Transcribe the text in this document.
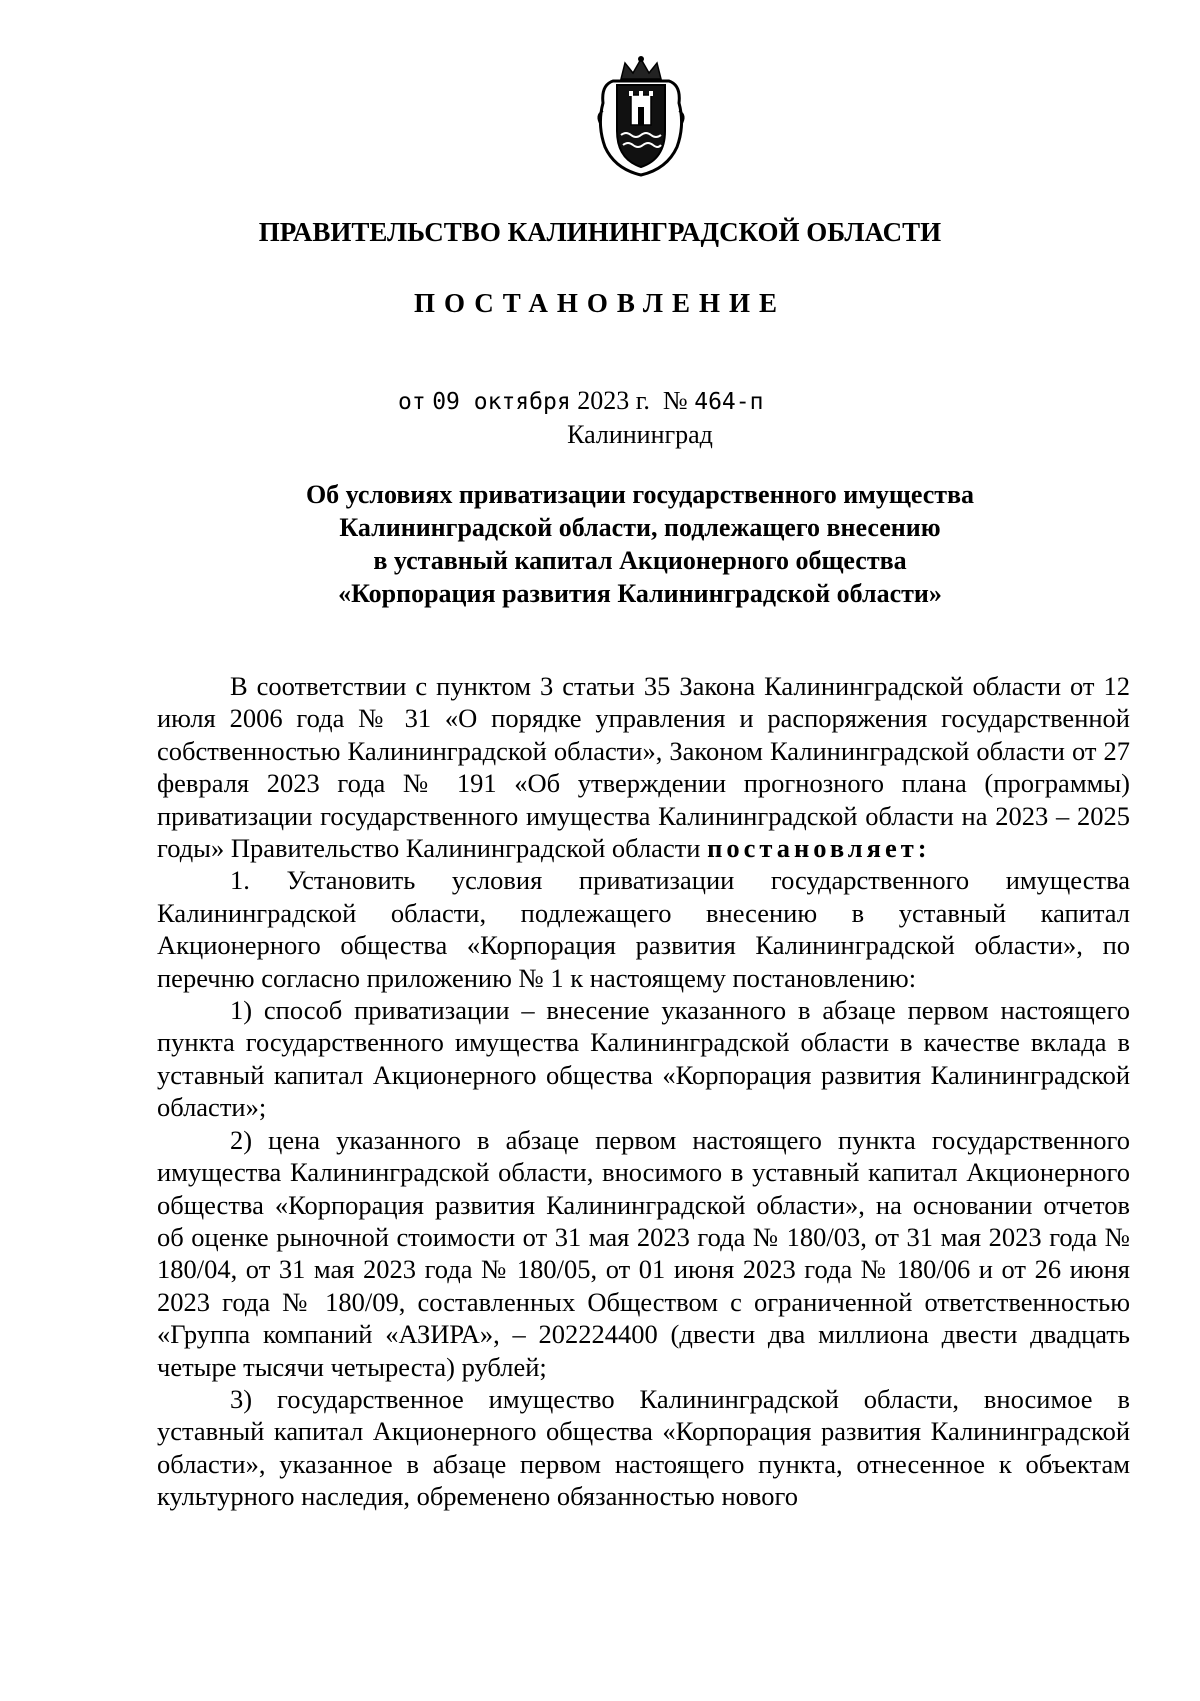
ПРАВИТЕЛЬСТВО КАЛИНИНГРАДСКОЙ ОБЛАСТИ
ПОСТАНОВЛЕНИЕ
от 09 октября 2023 г. № 464-п
Калининград
Об условиях приватизации государственного имущества
Калининградской области, подлежащего внесению
в уставный капитал Акционерного общества
«Корпорация развития Калининградской области»

В соответствии с пунктом 3 статьи 35 Закона Калининградской области от 12 июля 2006 года № 31 «О порядке управления и распоряжения государственной собственностью Калининградской области», Законом Калининградской области от 27 февраля 2023 года № 191 «Об утверждении прогнозного плана (программы) приватизации государственного имущества Калининградской области на 2023 – 2025 годы» Правительство Калининградской области постановляет:

1. Установить условия приватизации государственного имущества Калининградской области, подлежащего внесению в уставный капитал Акционерного общества «Корпорация развития Калининградской области», по перечню согласно приложению № 1 к настоящему постановлению:

1) способ приватизации – внесение указанного в абзаце первом настоящего пункта государственного имущества Калининградской области в качестве вклада в уставный капитал Акционерного общества «Корпорация развития Калининградской области»;

2) цена указанного в абзаце первом настоящего пункта государственного имущества Калининградской области, вносимого в уставный капитал Акционерного общества «Корпорация развития Калининградской области», на основании отчетов об оценке рыночной стоимости от 31 мая 2023 года № 180/03, от 31 мая 2023 года № 180/04, от 31 мая 2023 года № 180/05, от 01 июня 2023 года № 180/06 и от 26 июня 2023 года № 180/09, составленных Обществом с ограниченной ответственностью «Группа компаний «АЗИРА», – 202224400 (двести два миллиона двести двадцать четыре тысячи четыреста) рублей;

3) государственное имущество Калининградской области, вносимое в уставный капитал Акционерного общества «Корпорация развития Калининградской области», указанное в абзаце первом настоящего пункта, отнесенное к объектам культурного наследия, обременено обязанностью нового
